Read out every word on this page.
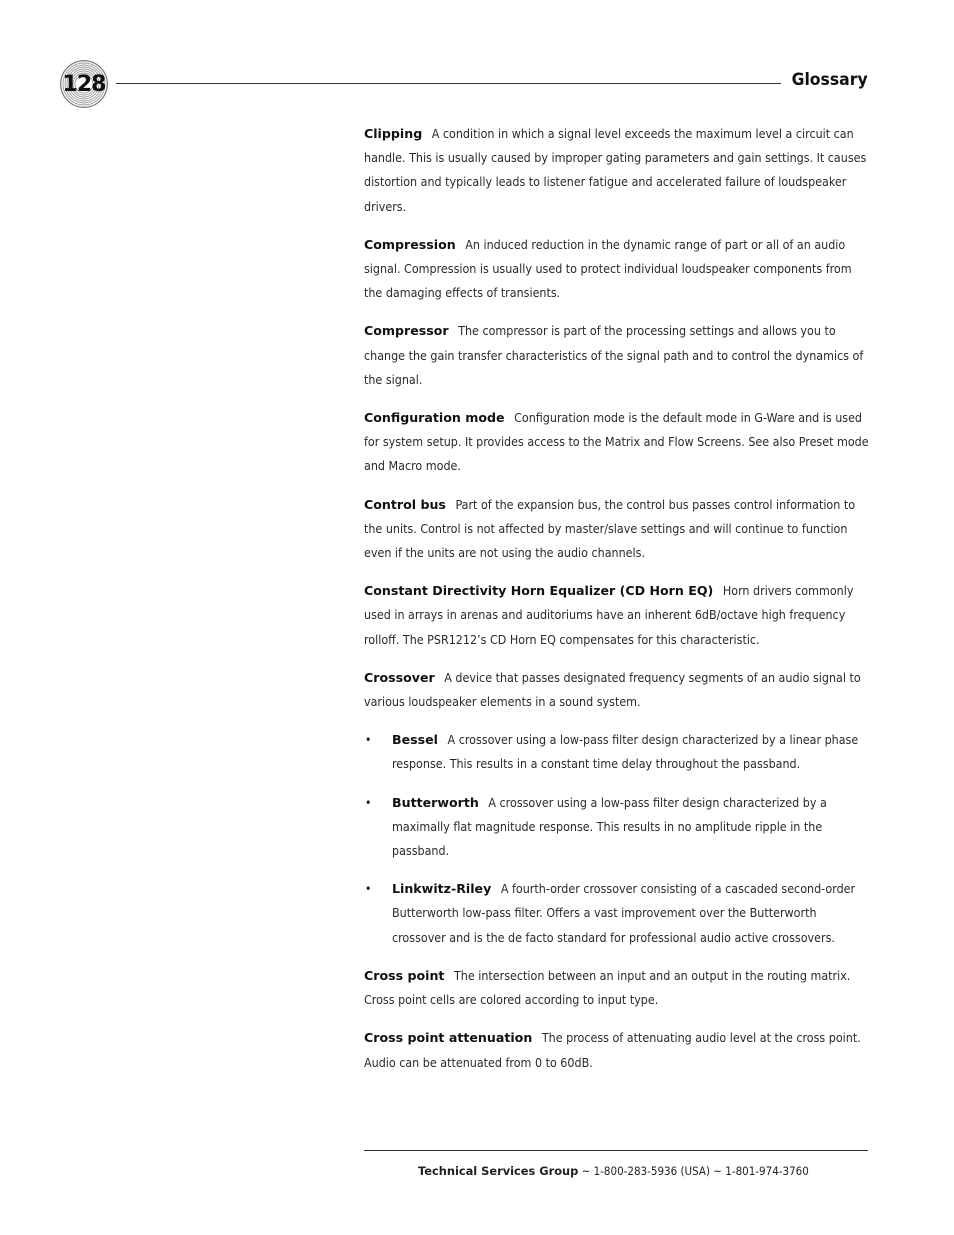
128	Glossary

Clipping A condition in which a signal level exceeds the maximum level a circuit can handle. This is usually caused by improper gating parameters and gain settings. It causes distortion and typically leads to listener fatigue and accelerated failure of loudspeaker drivers.

Compression An induced reduction in the dynamic range of part or all of an audio signal. Compression is usually used to protect individual loudspeaker components from the damaging effects of transients.

Compressor The compressor is part of the processing settings and allows you to change the gain transfer characteristics of the signal path and to control the dynamics of the signal.

Configuration mode Configuration mode is the default mode in G-Ware and is used for system setup. It provides access to the Matrix and Flow Screens. See also Preset mode and Macro mode.

Control bus Part of the expansion bus, the control bus passes control information to the units. Control is not affected by master/slave settings and will continue to function even if the units are not using the audio channels.

Constant Directivity Horn Equalizer (CD Horn EQ) Horn drivers commonly used in arrays in arenas and auditoriums have an inherent 6dB/octave high frequency rolloff. The PSR1212’s CD Horn EQ compensates for this characteristic.

Crossover A device that passes designated frequency segments of an audio signal to various loudspeaker elements in a sound system.

• Bessel A crossover using a low-pass filter design characterized by a linear phase response. This results in a constant time delay throughout the passband.

• Butterworth A crossover using a low-pass filter design characterized by a maximally flat magnitude response. This results in no amplitude ripple in the passband.

• Linkwitz-Riley A fourth-order crossover consisting of a cascaded second-order Butterworth low-pass filter. Offers a vast improvement over the Butterworth crossover and is the de facto standard for professional audio active crossovers.

Cross point The intersection between an input and an output in the routing matrix. Cross point cells are colored according to input type.

Cross point attenuation The process of attenuating audio level at the cross point. Audio can be attenuated from 0 to 60dB.

Technical Services Group ~ 1-800-283-5936 (USA) ~ 1-801-974-3760
